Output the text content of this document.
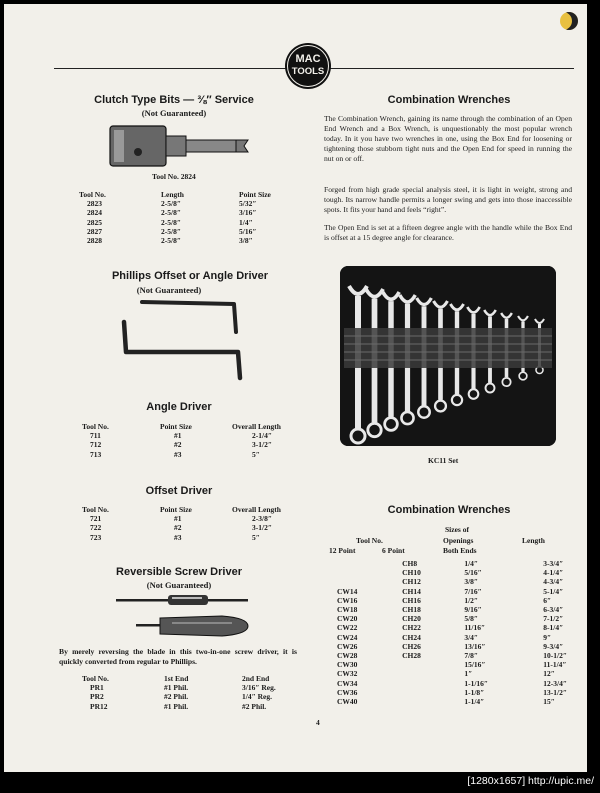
MAC
TOOLS
Clutch Type Bits — ⅜″ Service
(Not Guaranteed)
Tool No. 2824
Tool No.	Length	Point Size
2823	2-5/8″	5/32″
2824	2-5/8″	3/16″
2825	2-5/8″	1/4″
2827	2-5/8″	5/16″
2828	2-5/8″	3/8″
Phillips Offset or Angle Driver
(Not Guaranteed)
Angle Driver
Tool No.	Point Size	Overall Length
711	#1	2-1/4″
712	#2	3-1/2″
713	#3	5″
Offset Driver
Tool No.	Point Size	Overall Length
721	#1	2-3/8″
722	#2	3-1/2″
723	#3	5″
Reversible Screw Driver
(Not Guaranteed)
By merely reversing the blade in this two-in-one screw driver, it is quickly converted from regular to Phillips.
Tool No.	1st End	2nd End
PR1	#1 Phil.	3/16″ Reg.
PR2	#2 Phil.	1/4″ Reg.
PR12	#1 Phil.	#2 Phil.
Combination Wrenches
The Combination Wrench, gaining its name through the combination of an Open End Wrench and a Box Wrench, is unquestionably the most popular wrench today. In it you have two wrenches in one, using the Box End for loosening or tightening those stubborn tight nuts and the Open End for speed in running the nut on or off.
Forged from high grade special analysis steel, it is light in weight, strong and tough. Its narrow handle permits a longer swing and gets into those inaccessible spots. It fits your hand and feels “right”.
The Open End is set at a fifteen degree angle with the handle while the Box End is offset at a 15 degree angle for clearance.
KC11 Set
Combination Wrenches
Tool No.
12 Point	6 Point
Sizes of
Openings
Both Ends
Length
	CH8	1/4″	3-3/4″
	CH10	5/16″	4-1/4″
	CH12	3/8″	4-3/4″
CW14	CH14	7/16″	5-1/4″
CW16	CH16	1/2″	6″
CW18	CH18	9/16″	6-3/4″
CW20	CH20	5/8″	7-1/2″
CW22	CH22	11/16″	8-1/4″
CW24	CH24	3/4″	9″
CW26	CH26	13/16″	9-3/4″
CW28	CH28	7/8″	10-1/2″
CW30		15/16″	11-1/4″
CW32		1″	12″
CW34		1-1/16″	12-3/4″
CW36		1-1/8″	13-1/2″
CW40		1-1/4″	15″
4
[1280x1657] http://upic.me/
